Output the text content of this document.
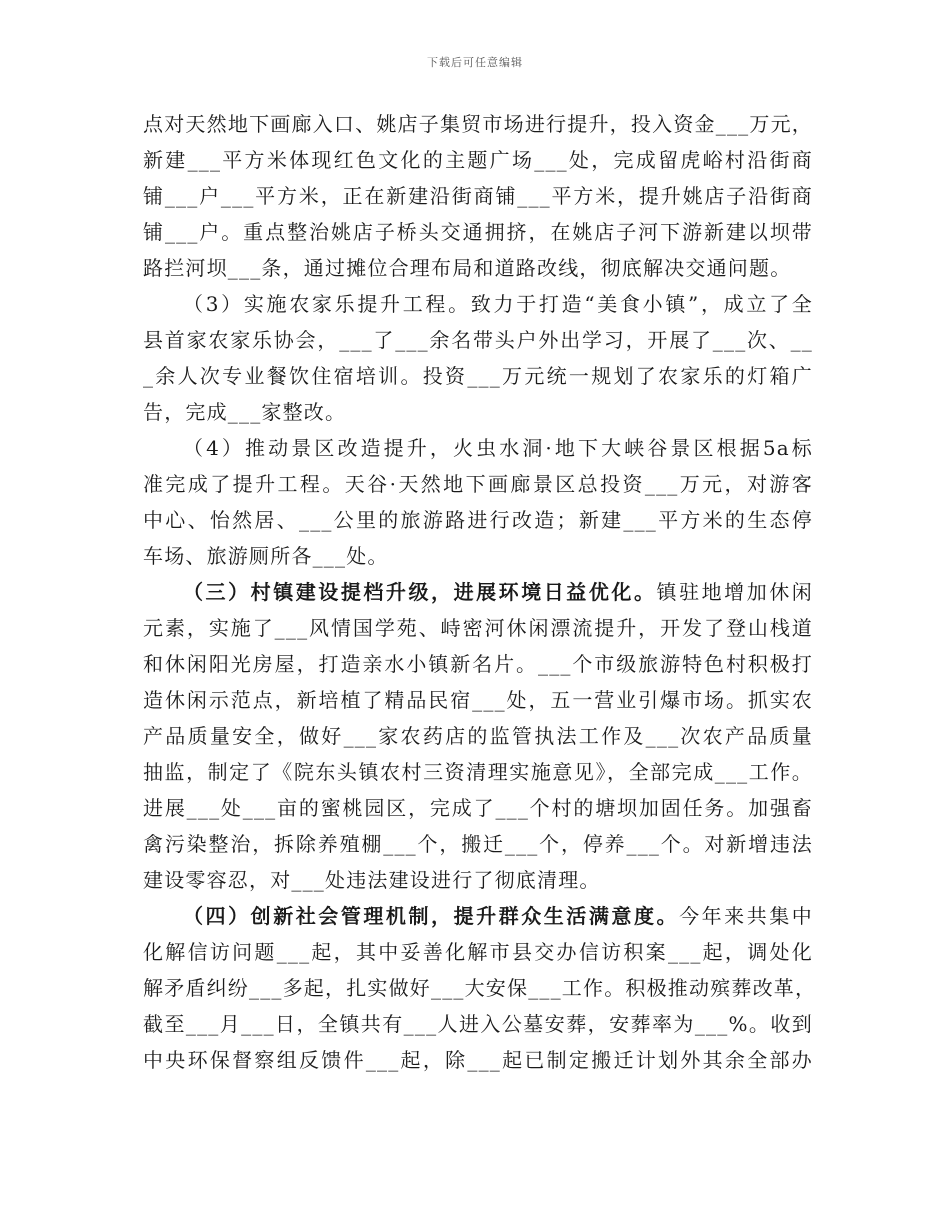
下载后可任意编辑
点对天然地下画廊入口、姚店子集贸市场进行提升，投入资金___万元，
新建___平方米体现红色文化的主题广场___处，完成留虎峪村沿街商
铺___户___平方米，正在新建沿街商铺___平方米，提升姚店子沿街商
铺___户。重点整治姚店子桥头交通拥挤，在姚店子河下游新建以坝带
路拦河坝___条，通过摊位合理布局和道路改线，彻底解决交通问题。
（3）实施农家乐提升工程。致力于打造“美食小镇”，成立了全
县首家农家乐协会，___了___余名带头户外出学习，开展了___次、__
_余人次专业餐饮住宿培训。投资___万元统一规划了农家乐的灯箱广
告，完成___家整改。
（4）推动景区改造提升，火虫水洞·地下大峡谷景区根据5a标
准完成了提升工程。天谷·天然地下画廊景区总投资___万元，对游客
中心、怡然居、___公里的旅游路进行改造；新建___平方米的生态停
车场、旅游厕所各___处。
（三）村镇建设提档升级，进展环境日益优化。镇驻地增加休闲
元素，实施了___风情国学苑、峙密河休闲漂流提升，开发了登山栈道
和休闲阳光房屋，打造亲水小镇新名片。___个市级旅游特色村积极打
造休闲示范点，新培植了精品民宿___处，五一营业引爆市场。抓实农
产品质量安全，做好___家农药店的监管执法工作及___次农产品质量
抽监，制定了《院东头镇农村三资清理实施意见》，全部完成___工作。
进展___处___亩的蜜桃园区，完成了___个村的塘坝加固任务。加强畜
禽污染整治，拆除养殖棚___个，搬迁___个，停养___个。对新增违法
建设零容忍，对___处违法建设进行了彻底清理。
（四）创新社会管理机制，提升群众生活满意度。今年来共集中
化解信访问题___起，其中妥善化解市县交办信访积案___起，调处化
解矛盾纠纷___多起，扎实做好___大安保___工作。积极推动殡葬改革，
截至___月___日，全镇共有___人进入公墓安葬，安葬率为___%。收到
中央环保督察组反馈件___起，除___起已制定搬迁计划外其余全部办
